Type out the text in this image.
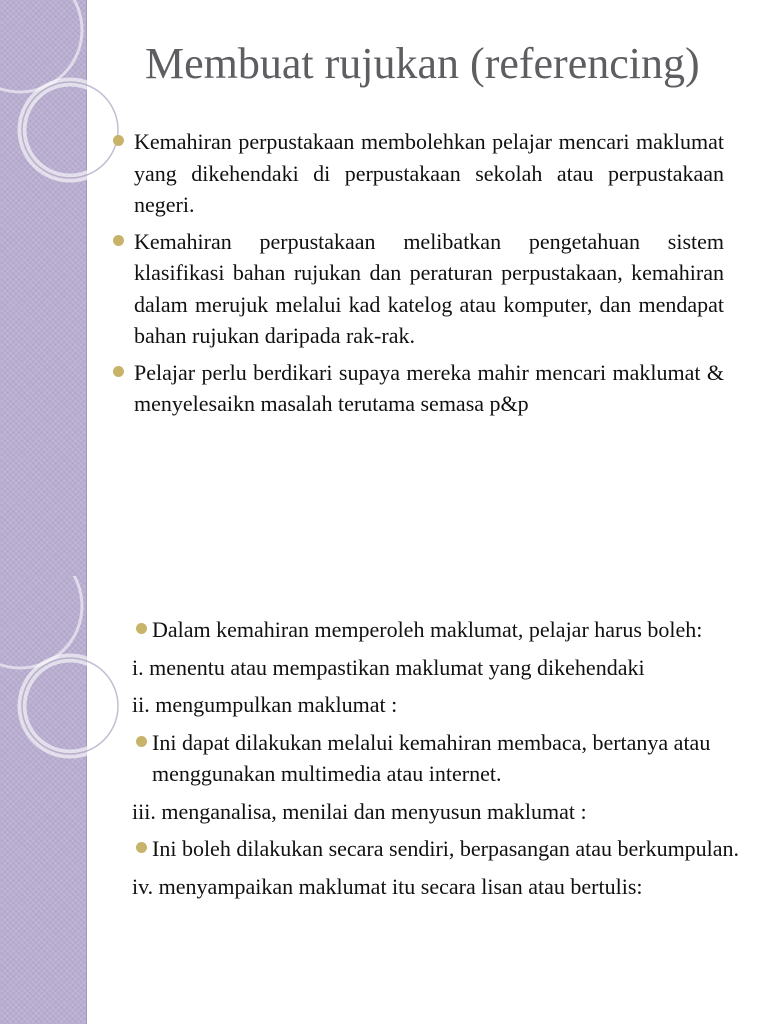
Membuat rujukan (referencing)
Kemahiran perpustakaan membolehkan pelajar mencari maklumat yang dikehendaki di perpustakaan sekolah atau perpustakaan negeri.
Kemahiran perpustakaan melibatkan pengetahuan sistem klasifikasi bahan rujukan dan peraturan perpustakaan, kemahiran dalam merujuk melalui kad katelog atau komputer, dan mendapat bahan rujukan daripada rak-rak.
Pelajar perlu berdikari supaya mereka mahir mencari maklumat & menyelesaikn masalah terutama semasa p&p
Dalam kemahiran memperoleh maklumat, pelajar harus boleh:
i. menentu atau mempastikan maklumat yang dikehendaki
ii. mengumpulkan maklumat :
Ini dapat dilakukan melalui kemahiran membaca, bertanya atau menggunakan multimedia atau internet.
iii. menganalisa, menilai dan menyusun maklumat :
Ini boleh dilakukan secara sendiri, berpasangan atau berkumpulan.
iv. menyampaikan maklumat itu secara lisan atau bertulis:
